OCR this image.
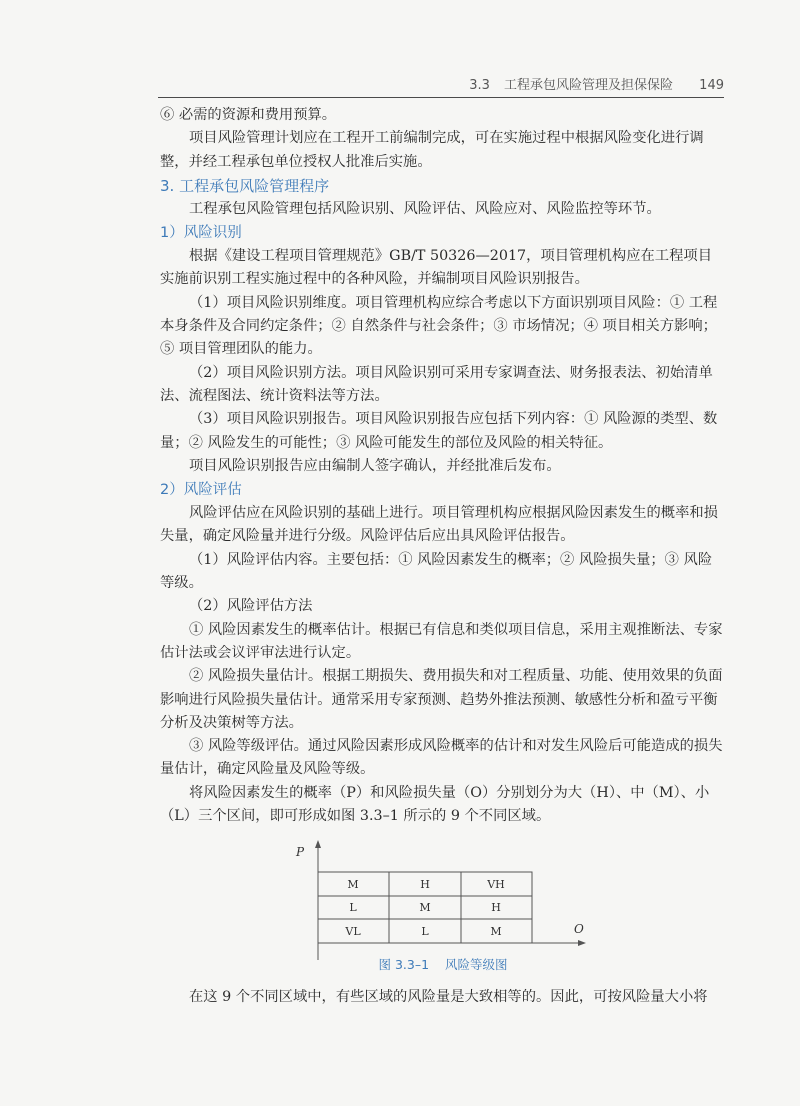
3.3 工程承包风险管理及担保保险 149

⑥ 必需的资源和费用预算。

项目风险管理计划应在工程开工前编制完成，可在实施过程中根据风险变化进行调整，并经工程承包单位授权人批准后实施。

3. 工程承包风险管理程序

工程承包风险管理包括风险识别、风险评估、风险应对、风险监控等环节。

1）风险识别

根据《建设工程项目管理规范》GB/T 50326—2017，项目管理机构应在工程项目实施前识别工程实施过程中的各种风险，并编制项目风险识别报告。

（1）项目风险识别维度。项目管理机构应综合考虑以下方面识别项目风险：① 工程本身条件及合同约定条件；② 自然条件与社会条件；③ 市场情况；④ 项目相关方影响；⑤ 项目管理团队的能力。

（2）项目风险识别方法。项目风险识别可采用专家调查法、财务报表法、初始清单法、流程图法、统计资料法等方法。

（3）项目风险识别报告。项目风险识别报告应包括下列内容：① 风险源的类型、数量；② 风险发生的可能性；③ 风险可能发生的部位及风险的相关特征。

项目风险识别报告应由编制人签字确认，并经批准后发布。

2）风险评估

风险评估应在风险识别的基础上进行。项目管理机构应根据风险因素发生的概率和损失量，确定风险量并进行分级。风险评估后应出具风险评估报告。

（1）风险评估内容。主要包括：① 风险因素发生的概率；② 风险损失量；③ 风险等级。

（2）风险评估方法

① 风险因素发生的概率估计。根据已有信息和类似项目信息，采用主观推断法、专家估计法或会议评审法进行认定。

② 风险损失量估计。根据工期损失、费用损失和对工程质量、功能、使用效果的负面影响进行风险损失量估计。通常采用专家预测、趋势外推法预测、敏感性分析和盈亏平衡分析及决策树等方法。

③ 风险等级评估。通过风险因素形成风险概率的估计和对发生风险后可能造成的损失量估计，确定风险量及风险等级。

将风险因素发生的概率（P）和风险损失量（O）分别划分为大（H）、中（M）、小（L）三个区间，即可形成如图 3.3–1 所示的 9 个不同区域。

P
O
M	H	VH
L	M	H
VL	L	M
图 3.3–1 风险等级图

在这 9 个不同区域中，有些区域的风险量是大致相等的。因此，可按风险量大小将
